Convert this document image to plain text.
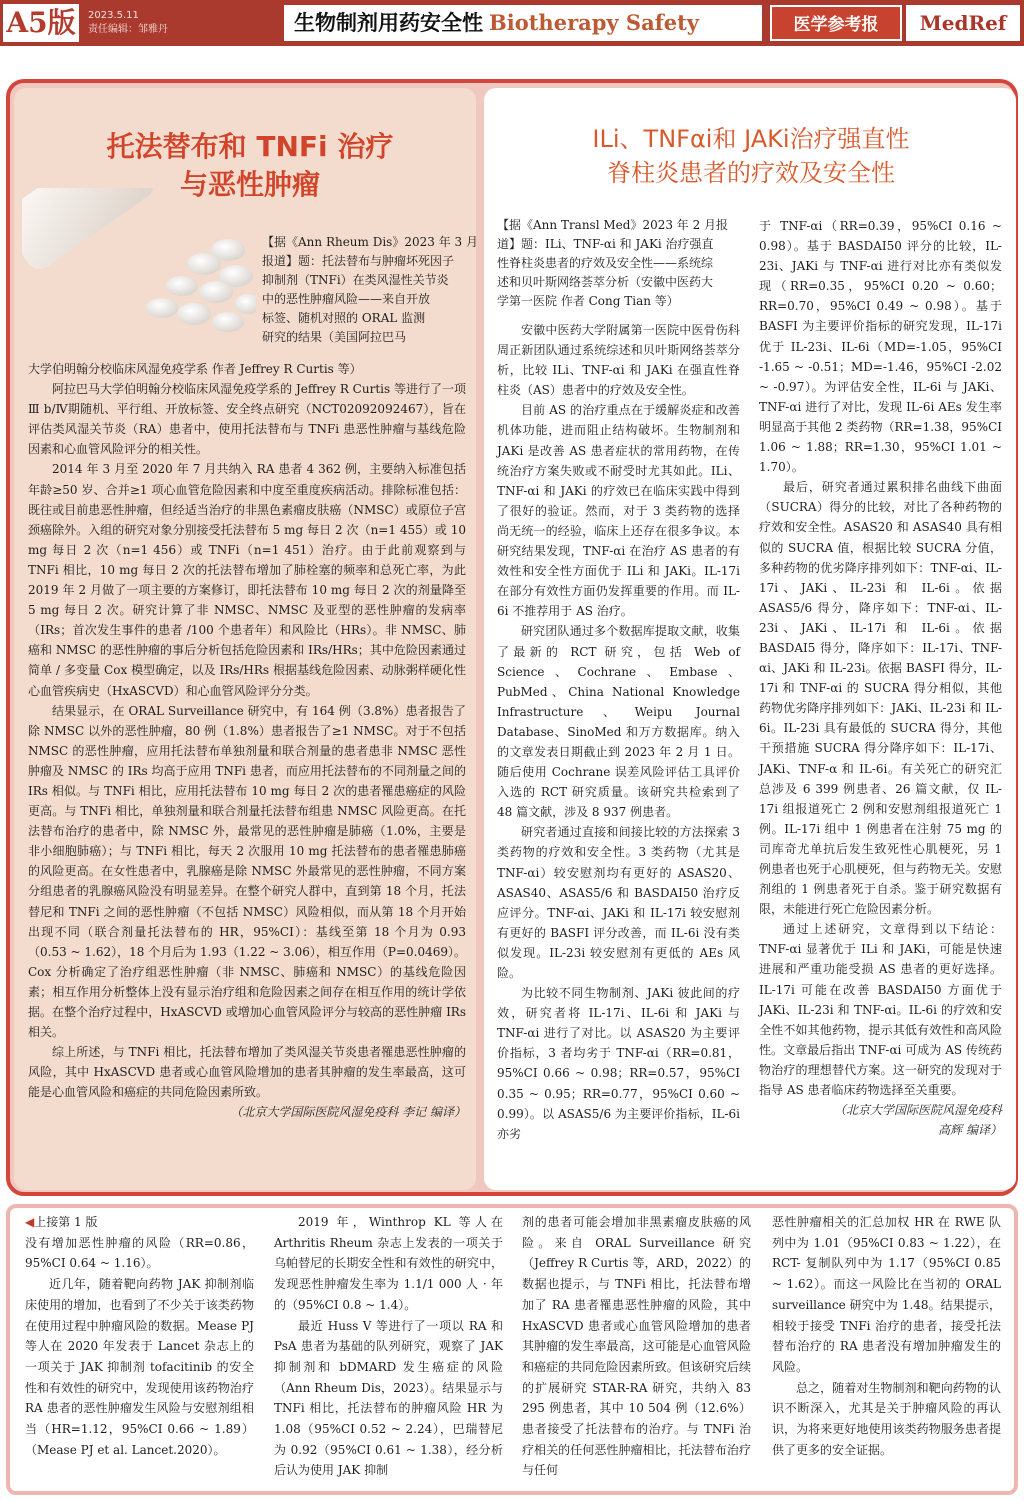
A5版	2023.5.11
责任编辑：邹雅丹	生物制剂用药安全性 Biotherapy Safety	医学参考报	MedRef
托法替布和 TNFi 治疗
与恶性肿瘤

【据《Ann Rheum Dis》2023 年 3 月

报道】题：托法替布与肿瘤坏死因子

抑制剂（TNFi）在类风湿性关节炎

中的恶性肿瘤风险——来自开放

标签、随机对照的 ORAL 监测

研究的结果（美国阿拉巴马

大学伯明翰分校临床风湿免疫学系 作者 Jeffrey R Curtis 等）

阿拉巴马大学伯明翰分校临床风湿免疫学系的 Jeffrey R Curtis 等进行了一项Ⅲ b/Ⅳ期随机、平行组、开放标签、安全终点研究（NCT02092092467），旨在评估类风湿关节炎（RA）患者中，使用托法替布与 TNFi 患恶性肿瘤与基线危险因素和心血管风险评分的相关性。

2014 年 3 月至 2020 年 7 月共纳入 RA 患者 4 362 例，主要纳入标准包括年龄≥50 岁、合并≥1 项心血管危险因素和中度至重度疾病活动。排除标准包括：既往或目前患恶性肿瘤，但经适当治疗的非黑色素瘤皮肤癌（NMSC）或原位子宫颈癌除外。入组的研究对象分别接受托法替布 5 mg 每日 2 次（n=1 455）或 10 mg 每日 2 次（n=1 456）或 TNFi（n=1 451）治疗。由于此前观察到与 TNFi 相比，10 mg 每日 2 次的托法替布增加了肺栓塞的频率和总死亡率，为此 2019 年 2 月做了一项主要的方案修订，即托法替布 10 mg 每日 2 次的剂量降至 5 mg 每日 2 次。研究计算了非 NMSC、NMSC 及亚型的恶性肿瘤的发病率（IRs；首次发生事件的患者 /100 个患者年）和风险比（HRs）。非 NMSC、肺癌和 NMSC 的恶性肿瘤的事后分析包括危险因素和 IRs/HRs；其中危险因素通过简单 / 多变量 Cox 模型确定，以及 IRs/HRs 根据基线危险因素、动脉粥样硬化性心血管疾病史（HxASCVD）和心血管风险评分分类。

结果显示，在 ORAL Surveillance 研究中，有 164 例（3.8%）患者报告了除 NMSC 以外的恶性肿瘤，80 例（1.8%）患者报告了≥1 NMSC。对于不包括 NMSC 的恶性肿瘤，应用托法替布单独剂量和联合剂量的患者患非 NMSC 恶性肿瘤及 NMSC 的 IRs 均高于应用 TNFi 患者，而应用托法替布的不同剂量之间的 IRs 相似。与 TNFi 相比，应用托法替布 10 mg 每日 2 次的患者罹患癌症的风险更高。与 TNFi 相比，单独剂量和联合剂量托法替布组患 NMSC 风险更高。在托法替布治疗的患者中，除 NMSC 外，最常见的恶性肿瘤是肺癌（1.0%，主要是非小细胞肺癌）；与 TNFi 相比，每天 2 次服用 10 mg 托法替布的患者罹患肺癌的风险更高。在女性患者中，乳腺癌是除 NMSC 外最常见的恶性肿瘤，不同方案分组患者的乳腺癌风险没有明显差异。在整个研究人群中，直到第 18 个月，托法替尼和 TNFi 之间的恶性肿瘤（不包括 NMSC）风险相似，而从第 18 个月开始出现不同（联合剂量托法替布的 HR，95%CI）：基线至第 18 个月为 0.93（0.53 ~ 1.62），18 个月后为 1.93（1.22 ~ 3.06），相互作用（P=0.0469）。Cox 分析确定了治疗组恶性肿瘤（非 NMSC、肺癌和 NMSC）的基线危险因素；相互作用分析整体上没有显示治疗组和危险因素之间存在相互作用的统计学依据。在整个治疗过程中，HxASCVD 或增加心血管风险评分与较高的恶性肿瘤 IRs 相关。

综上所述，与 TNFi 相比，托法替布增加了类风湿关节炎患者罹患恶性肿瘤的风险，其中 HxASCVD 患者或心血管风险增加的患者其肿瘤的发生率最高，这可能是心血管风险和癌症的共同危险因素所致。

（北京大学国际医院风湿免疫科 李记 编译）

ILi、TNFαi和 JAKi治疗强直性
脊柱炎患者的疗效及安全性

【据《Ann Transl Med》2023 年 2 月报

道】题：ILi、TNF-αi 和 JAKi 治疗强直

性脊柱炎患者的疗效及安全性——系统综

述和贝叶斯网络荟萃分析（安徽中医药大

学第一医院 作者 Cong Tian 等）

安徽中医药大学附属第一医院中医骨伤科周正新团队通过系统综述和贝叶斯网络荟萃分析，比较 ILi、TNF-αi 和 JAKi 在强直性脊柱炎（AS）患者中的疗效及安全性。

目前 AS 的治疗重点在于缓解炎症和改善机体功能，进而阻止结构破坏。生物制剂和 JAKi 是改善 AS 患者症状的常用药物，在传统治疗方案失败或不耐受时尤其如此。ILi、TNF-αi 和 JAKi 的疗效已在临床实践中得到了很好的验证。然而，对于 3 类药物的选择尚无统一的经验，临床上还存在很多争议。本研究结果发现，TNF-αi 在治疗 AS 患者的有效性和安全性方面优于 ILi 和 JAKi。IL-17i 在部分有效性方面仍发挥重要的作用。而 IL-6i 不推荐用于 AS 治疗。

研究团队通过多个数据库提取文献，收集了最新的 RCT 研究，包括 Web of Science、Cochrane、Embase、PubMed、China National Knowledge Infrastructure、Weipu Journal Database、SinoMed 和万方数据库。纳入的文章发表日期截止到 2023 年 2 月 1 日。随后使用 Cochrane 误差风险评估工具评价入选的 RCT 研究质量。该研究共检索到了 48 篇文献，涉及 8 937 例患者。

研究者通过直接和间接比较的方法探索 3 类药物的疗效和安全性。3 类药物（尤其是 TNF-αi）较安慰剂均有更好的 ASAS20、ASAS40、ASAS5/6 和 BASDAI50 治疗反应评分。TNF-αi、JAKi 和 IL-17i 较安慰剂有更好的 BASFI 评分改善，而 IL-6i 没有类似发现。IL-23i 较安慰剂有更低的 AEs 风险。

为比较不同生物制剂、JAKi 彼此间的疗效，研究者将 IL-17i、IL-6i 和 JAKi 与 TNF-αi 进行了对比。以 ASAS20 为主要评价指标，3 者均劣于 TNF-αi（RR=0.81，95%CI 0.66 ~ 0.98；RR=0.57，95%CI 0.35 ~ 0.95；RR=0.77，95%CI 0.60 ~ 0.99）。以 ASAS5/6 为主要评价指标，IL-6i 亦劣

于 TNF-αi（RR=0.39，95%CI 0.16 ~ 0.98）。基于 BASDAI50 评分的比较，IL-23i、JAKi 与 TNF-αi 进行对比亦有类似发现（RR=0.35，95%CI 0.20 ~ 0.60；RR=0.70，95%CI 0.49 ~ 0.98）。基于 BASFI 为主要评价指标的研究发现，IL-17i 优于 IL-23i、IL-6i（MD=-1.05，95%CI -1.65 ~ -0.51；MD=-1.46，95%CI -2.02 ~ -0.97）。为评估安全性，IL-6i 与 JAKi、TNF-αi 进行了对比，发现 IL-6i AEs 发生率明显高于其他 2 类药物（RR=1.38，95%CI 1.06 ~ 1.88；RR=1.30，95%CI 1.01 ~ 1.70）。

最后，研究者通过累积排名曲线下曲面（SUCRA）得分的比较，对比了各种药物的疗效和安全性。ASAS20 和 ASAS40 具有相似的 SUCRA 值，根据比较 SUCRA 分值，多种药物的优劣降序排列如下：TNF-αi、IL-17i、JAKi、IL-23i 和 IL-6i。依据 ASAS5/6 得分，降序如下：TNF-αi、IL-23i、JAKi、IL-17i 和 IL-6i。依据 BASDAI5 得分，降序如下：IL-17i、TNF-αi、JAKi 和 IL-23i。依据 BASFI 得分，IL-17i 和 TNF-αi 的 SUCRA 得分相似，其他药物优劣降序排列如下：JAKi、IL-23i 和 IL-6i。IL-23i 具有最低的 SUCRA 得分，其他干预措施 SUCRA 得分降序如下：IL-17i、JAKi、TNF-α 和 IL-6i。有关死亡的研究汇总涉及 6 399 例患者、26 篇文献，仅 IL-17i 组报道死亡 2 例和安慰剂组报道死亡 1 例。IL-17i 组中 1 例患者在注射 75 mg 的司库奇尤单抗后发生致死性心肌梗死，另 1 例患者也死于心肌梗死，但与药物无关。安慰剂组的 1 例患者死于自杀。鉴于研究数据有限，未能进行死亡危险因素分析。

通过上述研究，文章得到以下结论：TNF-αi 显著优于 ILi 和 JAKi，可能是快速进展和严重功能受损 AS 患者的更好选择。IL-17i 可能在改善 BASDAI50 方面优于 JAKi、IL-23i 和 TNF-αi。IL-6i 的疗效和安全性不如其他药物，提示其低有效性和高风险性。文章最后指出 TNF-αi 可成为 AS 传统药物治疗的理想替代方案。这一研究的发现对于指导 AS 患者临床药物选择至关重要。

（北京大学国际医院风湿免疫科

高辉 编译）

◀上接第 1 版

没有增加恶性肿瘤的风险（RR=0.86，95%CI 0.64 ~ 1.16）。

近几年，随着靶向药物 JAK 抑制剂临床使用的增加，也看到了不少关于该类药物在使用过程中肿瘤风险的数据。Mease PJ 等人在 2020 年发表于 Lancet 杂志上的一项关于 JAK 抑制剂 tofacitinib 的安全性和有效性的研究中，发现使用该药物治疗 RA 患者的恶性肿瘤发生风险与安慰剂组相当（HR=1.12，95%CI 0.66 ~ 1.89）（Mease PJ et al. Lancet.2020）。

2019 年，Winthrop KL 等人在 Arthritis Rheum 杂志上发表的一项关于乌帕替尼的长期安全性和有效性的研究中，发现恶性肿瘤发生率为 1.1/1 000 人 · 年的（95%CI 0.8 ~ 1.4）。

最近 Huss V 等进行了一项以 RA 和 PsA 患者为基础的队列研究，观察了 JAK 抑制剂和 bDMARD 发生癌症的风险（Ann Rheum Dis，2023）。结果显示与 TNFi 相比，托法替布的肿瘤风险 HR 为 1.08（95%CI 0.52 ~ 2.24），巴瑞替尼为 0.92（95%CI 0.61 ~ 1.38），经分析后认为使用 JAK 抑制

剂的患者可能会增加非黑素瘤皮肤癌的风险。来自 ORAL Surveillance 研究（Jeffrey R Curtis 等，ARD，2022）的数据也提示，与 TNFi 相比，托法替布增加了 RA 患者罹患恶性肿瘤的风险，其中 HxASCVD 患者或心血管风险增加的患者其肿瘤的发生率最高，这可能是心血管风险和癌症的共同危险因素所致。但该研究后续的扩展研究 STAR-RA 研究，共纳入 83 295 例患者，其中 10 504 例（12.6%）患者接受了托法替布的治疗。与 TNFi 治疗相关的任何恶性肿瘤相比，托法替布治疗与任何

恶性肿瘤相关的汇总加权 HR 在 RWE 队列中为 1.01（95%CI 0.83 ~ 1.22），在 RCT- 复制队列中为 1.17（95%CI 0.85 ~ 1.62）。而这一风险比在当初的 ORAL surveillance 研究中为 1.48。结果提示，相较于接受 TNFi 治疗的患者，接受托法替布治疗的 RA 患者没有增加肿瘤发生的风险。

总之，随着对生物制剂和靶向药物的认识不断深入，尤其是关于肿瘤风险的再认识，为将来更好地使用该类药物服务患者提供了更多的安全证据。
